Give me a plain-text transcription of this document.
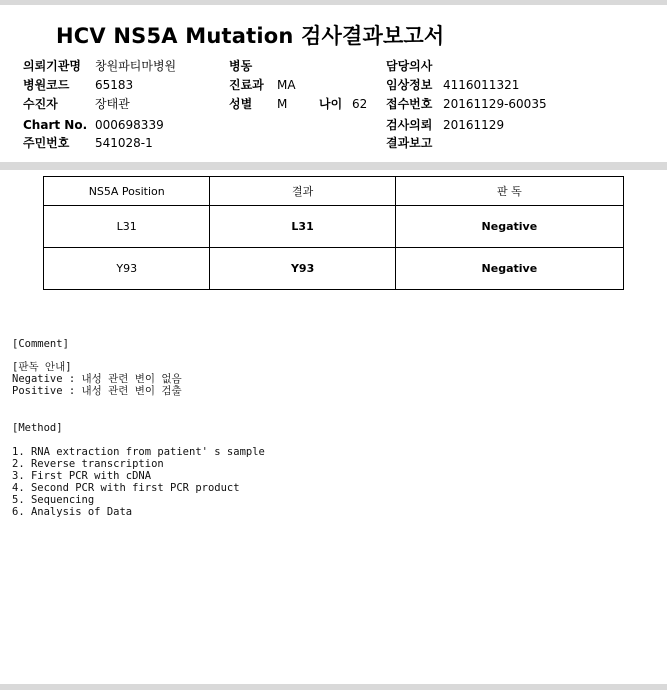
HCV NS5A Mutation 검사결과보고서
의뢰기관명 창원파티마병원
병원코드 65183
수진자	장태관
Chart No. 000698339
주민번호 541028-1
병동
진료과 MA
성별 M	나이 62
담당의사
임상정보 4116011321
접수번호 20161129-60035
검사의뢰 20161129
결과보고
NS5A Position	결과	판 독
L31	L31	Negative
Y93	Y93	Negative
[Comment]
[판독 안내]
Negative : 내성 관련 변이 없음
Positive : 내성 관련 변이 검출
[Method]
1. RNA extraction from patient' s sample
2. Reverse transcription
3. First PCR with cDNA
4. Second PCR with first PCR product
5. Sequencing
6. Analysis of Data
